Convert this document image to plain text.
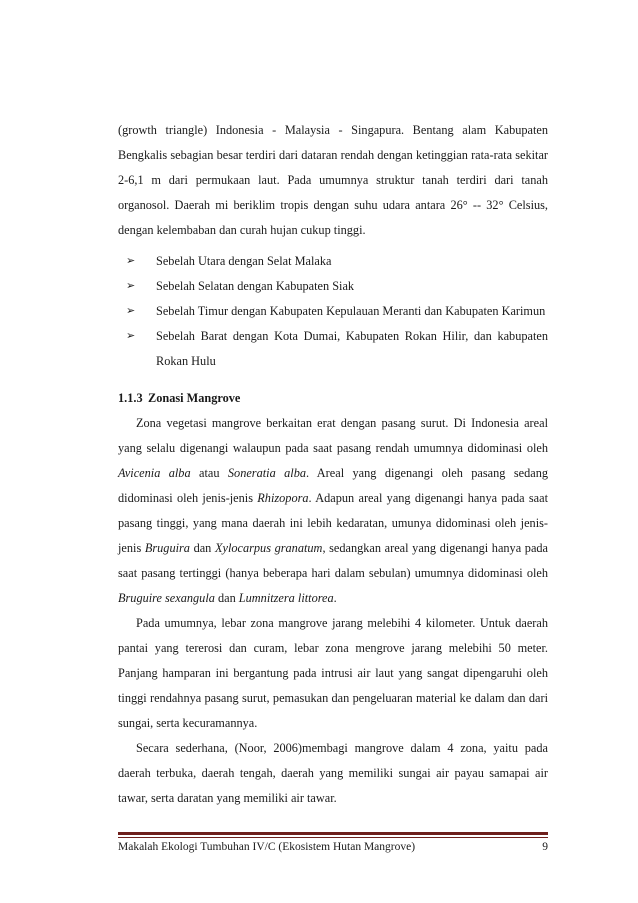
(growth triangle) Indonesia - Malaysia - Singapura. Bentang alam Kabupaten Bengkalis sebagian besar terdiri dari dataran rendah dengan ketinggian rata-rata sekitar 2-6,1 m dari permukaan laut. Pada umumnya struktur tanah terdiri dari tanah organosol. Daerah mi beriklim tropis dengan suhu udara antara 26° -- 32° Celsius, dengan kelembaban dan curah hujan cukup tinggi.

➢ Sebelah Utara dengan Selat Malaka
➢ Sebelah Selatan dengan Kabupaten Siak
➢ Sebelah Timur dengan Kabupaten Kepulauan Meranti dan Kabupaten Karimun
➢ Sebelah Barat dengan Kota Dumai, Kabupaten Rokan Hilir, dan kabupaten Rokan Hulu

1.1.3 Zonasi Mangrove

Zona vegetasi mangrove berkaitan erat dengan pasang surut. Di Indonesia areal yang selalu digenangi walaupun pada saat pasang rendah umumnya didominasi oleh Avicenia alba atau Soneratia alba. Areal yang digenangi oleh pasang sedang didominasi oleh jenis-jenis Rhizopora. Adapun areal yang digenangi hanya pada saat pasang tinggi, yang mana daerah ini lebih kedaratan, umunya didominasi oleh jenis-jenis Bruguira dan Xylocarpus granatum, sedangkan areal yang digenangi hanya pada saat pasang tertinggi (hanya beberapa hari dalam sebulan) umumnya didominasi oleh Bruguire sexangula dan Lumnitzera littorea.

Pada umumnya, lebar zona mangrove jarang melebihi 4 kilometer. Untuk daerah pantai yang tererosi dan curam, lebar zona mengrove jarang melebihi 50 meter. Panjang hamparan ini bergantung pada intrusi air laut yang sangat dipengaruhi oleh tinggi rendahnya pasang surut, pemasukan dan pengeluaran material ke dalam dan dari sungai, serta kecuramannya.

Secara sederhana, (Noor, 2006)membagi mangrove dalam 4 zona, yaitu pada daerah terbuka, daerah tengah, daerah yang memiliki sungai air payau samapai air tawar, serta daratan yang memiliki air tawar.

Makalah Ekologi Tumbuhan IV/C (Ekosistem Hutan Mangrove)	9
